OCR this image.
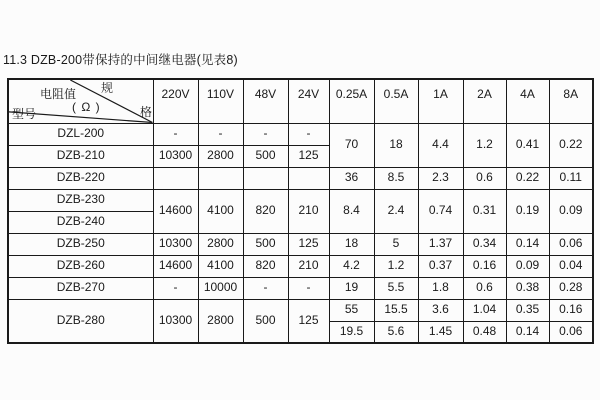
11.3 DZB-200带保持的中间继电器(见表8)
电阻值
( Ω )
规
格
型号	220V	110V	48V	24V	0.25A	0.5A	1A	2A	4A	8A
DZL-200	-	-	-	-	70	18	4.4	1.2	0.41	0.22
DZB-210	10300	2800	500	125						
DZB-220					36	8.5	2.3	0.6	0.22	0.11
DZB-230	14600	4100	820	210	8.4	2.4	0.74	0.31	0.19	0.09
DZB-240										
DZB-250	10300	2800	500	125	18	5	1.37	0.34	0.14	0.06
DZB-260	14600	4100	820	210	4.2	1.2	0.37	0.16	0.09	0.04
DZB-270	-	10000	-	-	19	5.5	1.8	0.6	0.38	0.28
DZB-280	10300	2800	500	125	55	15.5	3.6	1.04	0.35	0.16
					19.5	5.6	1.45	0.48	0.14	0.06
